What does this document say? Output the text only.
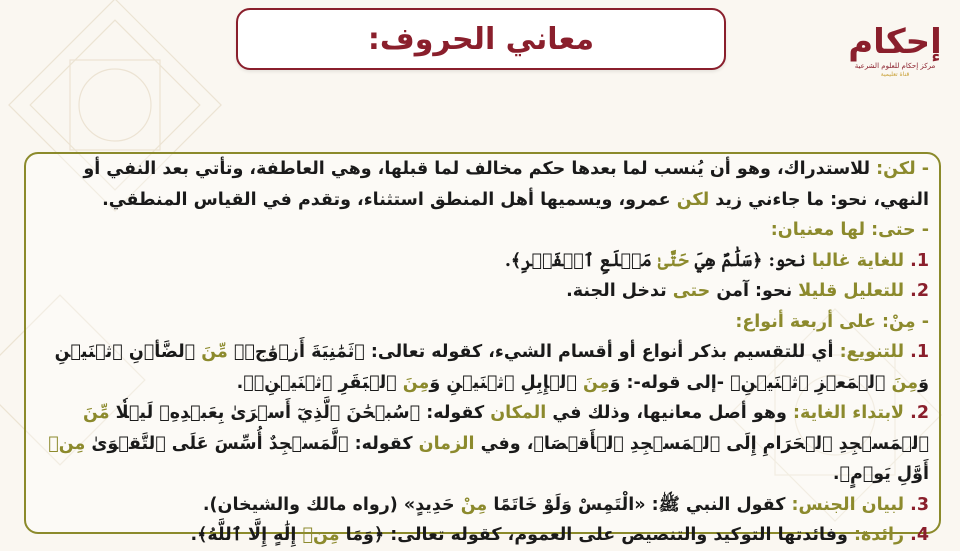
معاني الحروف:	إحكام
مركز إحكام للعلوم الشرعية
قناة تعليمية

- لكن: للاستدراك، وهو أن يُنسب لما بعدها حكم مخالف لما قبلها، وهي العاطفة، وتأتي بعد النفي أو النهي، نحو: ما جاءني زيد لكن عمرو، ويسميها أهل المنطق استثناء، وتقدم في القياس المنطقي.

- حتى: لها معنيان:

1. للغاية غالبا نحو: ﴿سَلَٰمٌ هِيَ حَتَّىٰ مَطۡلَعِ ٱلۡفَجۡرِ﴾.

2. للتعليل قليلا نحو: آمن حتى تدخل الجنة.

- مِنْ: على أربعة أنواع:

1. للتنويع: أي للتقسيم بذكر أنواع أو أقسام الشيء، كقوله تعالى: ﴿ثَمَٰنِيَةَ أَزۡوَٰجٖۖ مِّنَ ٱلضَّأۡنِ ٱثۡنَيۡنِ وَمِنَ ٱلۡمَعۡزِ ٱثۡنَيۡنِۗ -إلى قوله-: وَمِنَ ٱلۡإِبِلِ ٱثۡنَيۡنِ وَمِنَ ٱلۡبَقَرِ ٱثۡنَيۡنِۗ﴾.

2. لابتداء الغاية: وهو أصل معانيها، وذلك في المكان كقوله: ﴿سُبۡحَٰنَ ٱلَّذِيٓ أَسۡرَىٰ بِعَبۡدِهِۦ لَيۡلٗا مِّنَ ٱلۡمَسۡجِدِ ٱلۡحَرَامِ إِلَى ٱلۡمَسۡجِدِ ٱلۡأَقۡصَا﴾، وفي الزمان كقوله: ﴿لَّمَسۡجِدٌ أُسِّسَ عَلَى ٱلتَّقۡوَىٰ مِنۡ أَوَّلِ يَوۡمٍ﴾.

3. لبيان الجنس: كقول النبي ﷺ: «الْتَمِسْ وَلَوْ خَاتَمًا مِنْ حَدِيدٍ» (رواه مالك والشيخان).

4. زائدة: وفائدتها التوكيد والتنصيص على العموم، كقوله تعالى: ﴿وَمَا مِنۡ إِلَٰهٍ إِلَّا ٱللَّهُ﴾.
